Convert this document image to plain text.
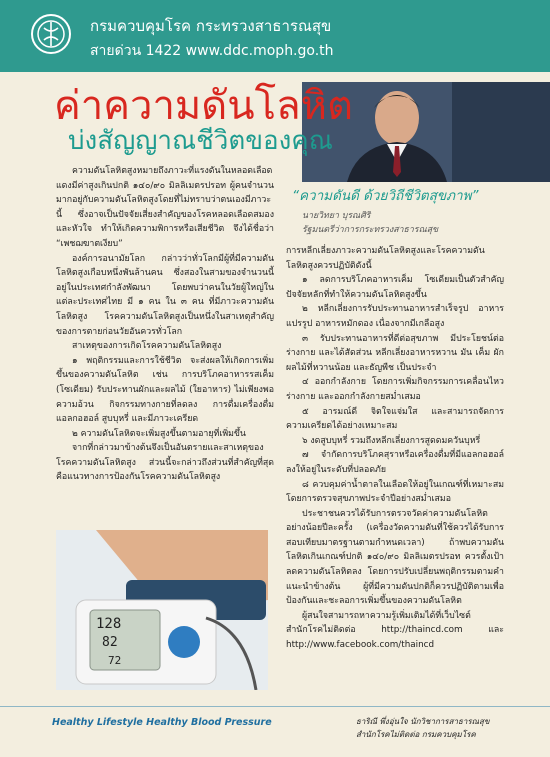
กรมควบคุมโรค กระทรวงสาธารณสุข
สายด่วน 1422 www.ddc.moph.go.th
ค่าความดันโลหิต
บ่งสัญญาณชีวิตของคุณ
“ความดันดี ด้วยวิถีชีวิตสุขภาพ”
นายวิทยา บุรณศิริ
รัฐมนตรีว่าการกระทรวงสาธารณสุข

ความดันโลหิตสูงหมายถึงภาวะที่แรงดันในหลอดเลือดแดงมีค่าสูงเกินปกติ ๑๔๐/๙๐ มิลลิเมตรปรอท ผู้คนจำนวนมากอยู่กับความดันโลหิตสูงโดยที่ไม่ทราบว่าตนเองมีภาวะนี้ ซึ่งอาจเป็นปัจจัยเสี่ยงสำคัญของโรคหลอดเลือดสมองและหัวใจ ทำให้เกิดความพิการหรือเสียชีวิต จึงได้ชื่อว่า “เพชฌฆาตเงียบ”

องค์การอนามัยโลก กล่าวว่าทั่วโลกมีผู้ที่มีความดันโลหิตสูงเกือบหนึ่งพันล้านคน ซึ่งสองในสามของจำนวนนี้อยู่ในประเทศกำลังพัฒนา โดยพบว่าคนในวัยผู้ใหญ่ในแต่ละประเทศไทย มี ๑ คน ใน ๓ คน ที่มีภาวะความดันโลหิตสูง โรคความดันโลหิตสูงเป็นหนึ่งในสาเหตุสำคัญของการตายก่อนวัยอันควรทั่วโลก

สาเหตุของการเกิดโรคความดันโลหิตสูง

๑ พฤติกรรมและการใช้ชีวิต จะส่งผลให้เกิดการเพิ่มขึ้นของความดันโลหิต เช่น การบริโภคอาหารรสเค็ม (โซเดียม) รับประทานผักและผลไม้ (ใยอาหาร) ไม่เพียงพอ ความอ้วน กิจกรรมทางกายที่ลดลง การดื่มเครื่องดื่มแอลกอฮอล์ สูบบุหรี่ และมีภาวะเครียด

๒ ความดันโลหิตจะเพิ่มสูงขึ้นตามอายุที่เพิ่มขึ้น

จากที่กล่าวมาข้างต้นจึงเป็นอันตรายและสาเหตุของโรคความดันโลหิตสูง ส่วนนี้จะกล่าวถึงส่วนที่สำคัญที่สุดคือแนวทางการป้องกันโรคความดันโลหิตสูง

128
82
72

การหลีกเลี่ยงภาวะความดันโลหิตสูงและโรคความดันโลหิตสูงควรปฏิบัติดังนี้

๑ ลดการบริโภคอาหารเค็ม โซเดียมเป็นตัวสำคัญปัจจัยหลักที่ทำให้ความดันโลหิตสูงขึ้น

๒ หลีกเลี่ยงการรับประทานอาหารสำเร็จรูป อาหารแปรรูป อาหารหมักดอง เนื่องจากมีเกลือสูง

๓ รับประทานอาหารที่ดีต่อสุขภาพ มีประโยชน์ต่อร่างกาย และได้สัดส่วน หลีกเลี่ยงอาหารหวาน มัน เค็ม ผักผลไม้ที่หวานน้อย และธัญพืช เป็นประจำ

๔ ออกกำลังกาย โดยการเพิ่มกิจกรรมการเคลื่อนไหวร่างกาย และออกกำลังกายสม่ำเสมอ

๕ อารมณ์ดี จิตใจแจ่มใส และสามารถจัดการความเครียดได้อย่างเหมาะสม

๖ งดสูบบุหรี่ รวมถึงหลีกเลี่ยงการสูดดมควันบุหรี่

๗ จำกัดการบริโภคสุราหรือเครื่องดื่มที่มีแอลกอฮอล์ ลงให้อยู่ในระดับที่ปลอดภัย

๘ ควบคุมค่าน้ำตาลในเลือดให้อยู่ในเกณฑ์ที่เหมาะสม โดยการตรวจสุขภาพประจำปีอย่างสม่ำเสมอ

ประชาชนควรได้รับการตรวจวัดค่าความดันโลหิตอย่างน้อยปีละครั้ง (เครื่องวัดความดันที่ใช้ควรได้รับการสอบเทียบมาตรฐานตามกำหนดเวลา) ถ้าพบความดันโลหิตเกินเกณฑ์ปกติ ๑๔๐/๙๐ มิลลิเมตรปรอท ควรตั้งเป้าลดความดันโลหิตลง โดยการปรับเปลี่ยนพฤติกรรมตามคำแนะนำข้างต้น ผู้ที่มีความดันปกติก็ควรปฏิบัติตามเพื่อป้องกันและชะลอการเพิ่มขึ้นของความดันโลหิต

ผู้สนใจสามารถหาความรู้เพิ่มเติมได้ที่เว็บไซต์

สำนักโรคไม่ติดต่อ http://thaincd.com และ http://www.facebook.com/thaincd

Healthy Lifestyle Healthy Blood Pressure	ธาริณี พึ่งอุ่นใจ นักวิชาการสาธารณสุข
สำนักโรคไม่ติดต่อ กรมควบคุมโรค
